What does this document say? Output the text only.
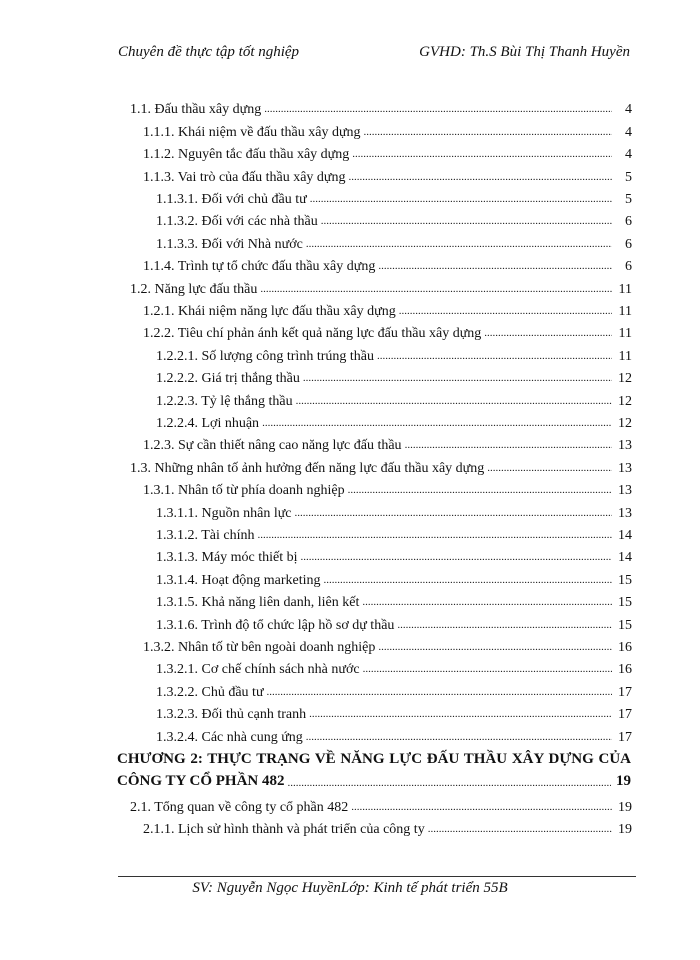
Chuyên đề thực tập tốt nghiệp	GVHD: Th.S Bùi Thị Thanh Huyền
CHƯƠNG 2: THỰC TRẠNG VỀ NĂNG LỰC ĐẤU THẦU XÂY DỰNG CỦA
CÔNG TY CỔ PHẦN 482 .....	19
SV: Nguyễn Ngọc HuyềnLớp: Kinh tế phát triển 55B
1.1. Đấu thầu xây dựng .....	4
1.1.1. Khái niệm về đấu thầu xây dựng .....	4
1.1.2. Nguyên tắc đấu thầu xây dựng .....	4
1.1.3. Vai trò của đấu thầu xây dựng .....	5
1.1.3.1. Đối với chủ đầu tư .....	5
1.1.3.2. Đối với các nhà thầu .....	6
1.1.3.3. Đối với Nhà nước .....	6
1.1.4. Trình tự tổ chức đấu thầu xây dựng .....	6
1.2. Năng lực đấu thầu .....	11
1.2.1. Khái niệm năng lực đấu thầu xây dựng .....	11
1.2.2. Tiêu chí phản ánh kết quả năng lực đấu thầu xây dựng .....	11
1.2.2.1. Số lượng công trình trúng thầu .....	11
1.2.2.2. Giá trị thắng thầu .....	12
1.2.2.3. Tỷ lệ thắng thầu .....	12
1.2.2.4. Lợi nhuận .....	12
1.2.3. Sự cần thiết nâng cao năng lực đấu thầu .....	13
1.3. Những nhân tố ảnh hưởng đến năng lực đấu thầu xây dựng .....	13
1.3.1. Nhân tố từ phía doanh nghiệp .....	13
1.3.1.1. Nguồn nhân lực .....	13
1.3.1.2. Tài chính .....	14
1.3.1.3. Máy móc thiết bị .....	14
1.3.1.4. Hoạt động marketing .....	15
1.3.1.5. Khả năng liên danh, liên kết .....	15
1.3.1.6. Trình độ tổ chức lập hồ sơ dự thầu .....	15
1.3.2. Nhân tố từ bên ngoài doanh nghiệp .....	16
1.3.2.1. Cơ chế chính sách nhà nước .....	16
1.3.2.2. Chủ đầu tư .....	17
1.3.2.3. Đối thủ cạnh tranh .....	17
1.3.2.4. Các nhà cung ứng .....	17
2.1. Tổng quan về công ty cổ phần 482 .....	19
2.1.1. Lịch sử hình thành và phát triển của công ty .....	19
